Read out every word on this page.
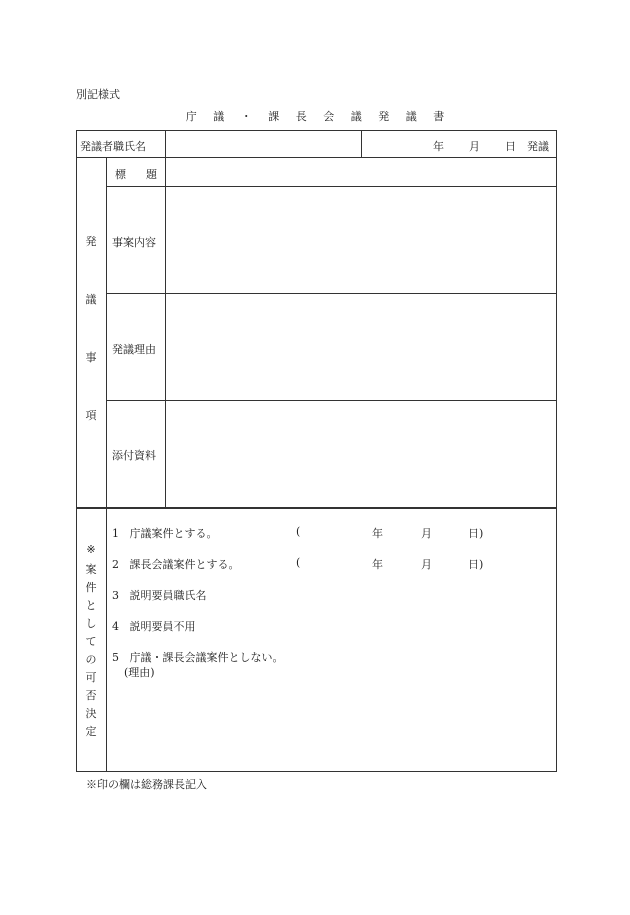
別記様式
庁 議 ・ 課 長 会 議 発 議 書
発議者職氏名	年 月 日 発議
発
議
事
項
標 題
事案内容
発議理由
添付資料
※
案
件
と
し
て
の
可
否
決
定
1 庁議案件とする。	(	年	月	日)
2 課長会議案件とする。	(	年	月	日)
3 説明要員職氏名
4 説明要員不用
5 庁議・課長会議案件としない。
(理由)
※印の欄は総務課長記入
